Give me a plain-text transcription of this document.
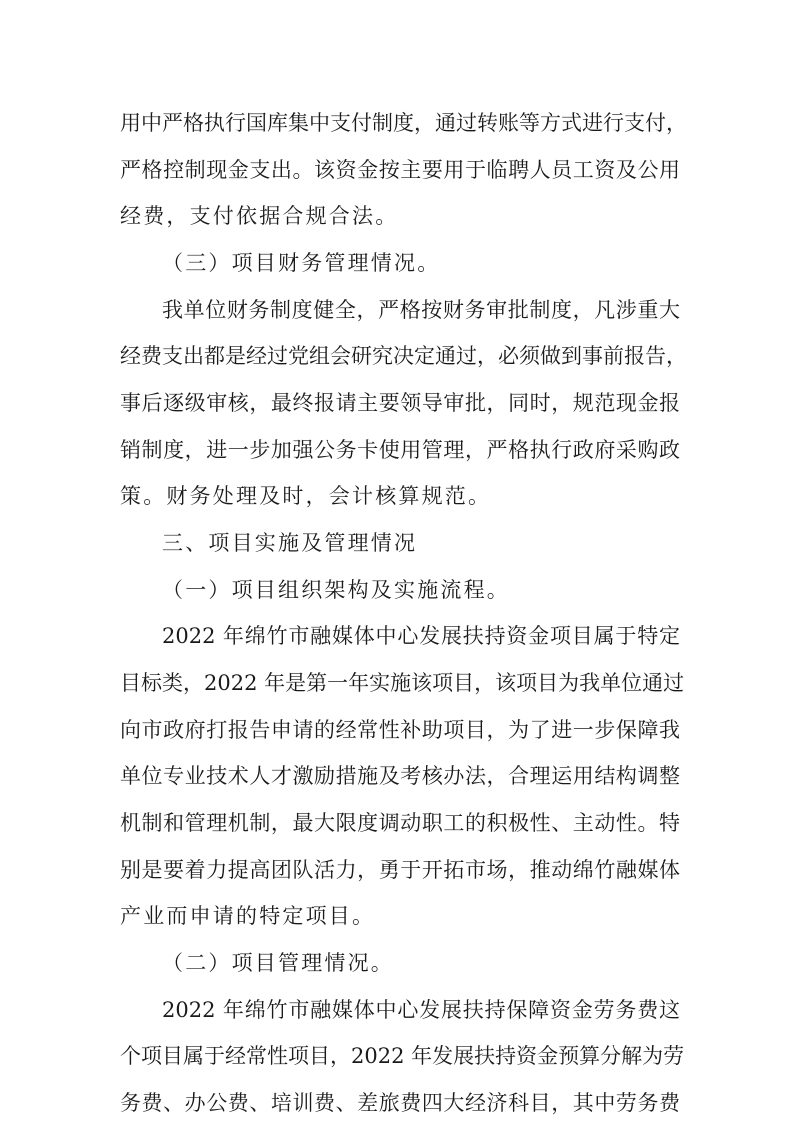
用中严格执行国库集中支付制度，通过转账等方式进行支付，
严格控制现金支出。该资金按主要用于临聘人员工资及公用
经费，支付依据合规合法。
（三）项目财务管理情况。
我单位财务制度健全，严格按财务审批制度，凡涉重大
经费支出都是经过党组会研究决定通过，必须做到事前报告，
事后逐级审核，最终报请主要领导审批，同时，规范现金报
销制度，进一步加强公务卡使用管理，严格执行政府采购政
策。财务处理及时，会计核算规范。
三、项目实施及管理情况
（一）项目组织架构及实施流程。
2022 年绵竹市融媒体中心发展扶持资金项目属于特定
目标类，2022 年是第一年实施该项目，该项目为我单位通过
向市政府打报告申请的经常性补助项目，为了进一步保障我
单位专业技术人才激励措施及考核办法，合理运用结构调整
机制和管理机制，最大限度调动职工的积极性、主动性。特
别是要着力提高团队活力，勇于开拓市场，推动绵竹融媒体
产业而申请的特定项目。
（二）项目管理情况。
2022 年绵竹市融媒体中心发展扶持保障资金劳务费这
个项目属于经常性项目，2022 年发展扶持资金预算分解为劳
务费、办公费、培训费、差旅费四大经济科目，其中劳务费
